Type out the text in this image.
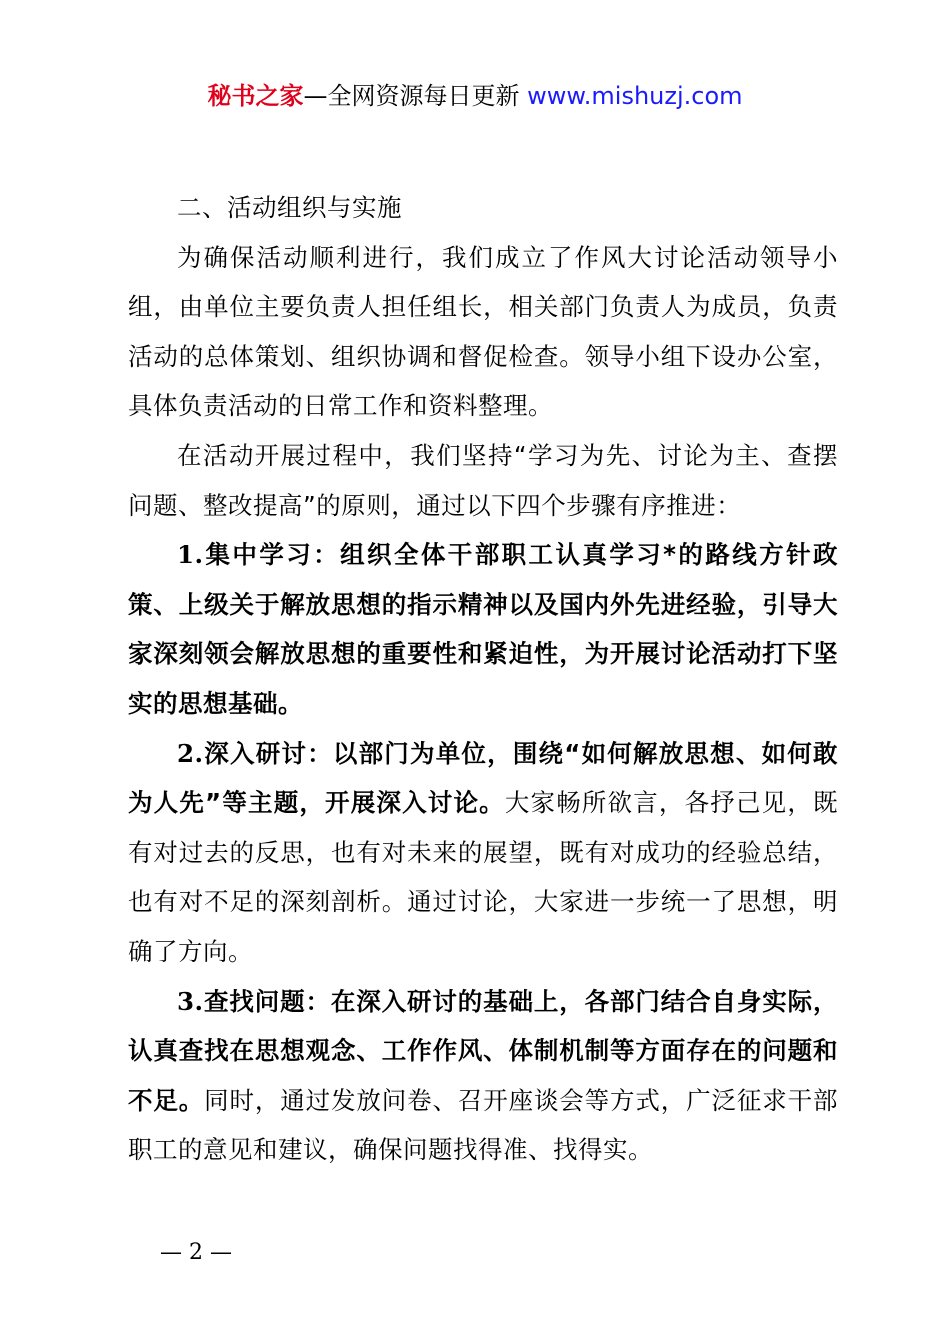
秘书之家—全网资源每日更新 www.mishuzj.com

二、活动组织与实施

为确保活动顺利进行，我们成立了作风大讨论活动领导小组，由单位主要负责人担任组长，相关部门负责人为成员，负责活动的总体策划、组织协调和督促检查。领导小组下设办公室，具体负责活动的日常工作和资料整理。

在活动开展过程中，我们坚持“学习为先、讨论为主、查摆问题、整改提高”的原则，通过以下四个步骤有序推进：

1.集中学习：组织全体干部职工认真学习*的路线方针政策、上级关于解放思想的指示精神以及国内外先进经验，引导大家深刻领会解放思想的重要性和紧迫性，为开展讨论活动打下坚实的思想基础。

2.深入研讨：以部门为单位，围绕“如何解放思想、如何敢为人先”等主题，开展深入讨论。大家畅所欲言，各抒己见，既有对过去的反思，也有对未来的展望，既有对成功的经验总结，也有对不足的深刻剖析。通过讨论，大家进一步统一了思想，明确了方向。

3.查找问题：在深入研讨的基础上，各部门结合自身实际，认真查找在思想观念、工作作风、体制机制等方面存在的问题和不足。同时，通过发放问卷、召开座谈会等方式，广泛征求干部职工的意见和建议，确保问题找得准、找得实。

— 2 —
